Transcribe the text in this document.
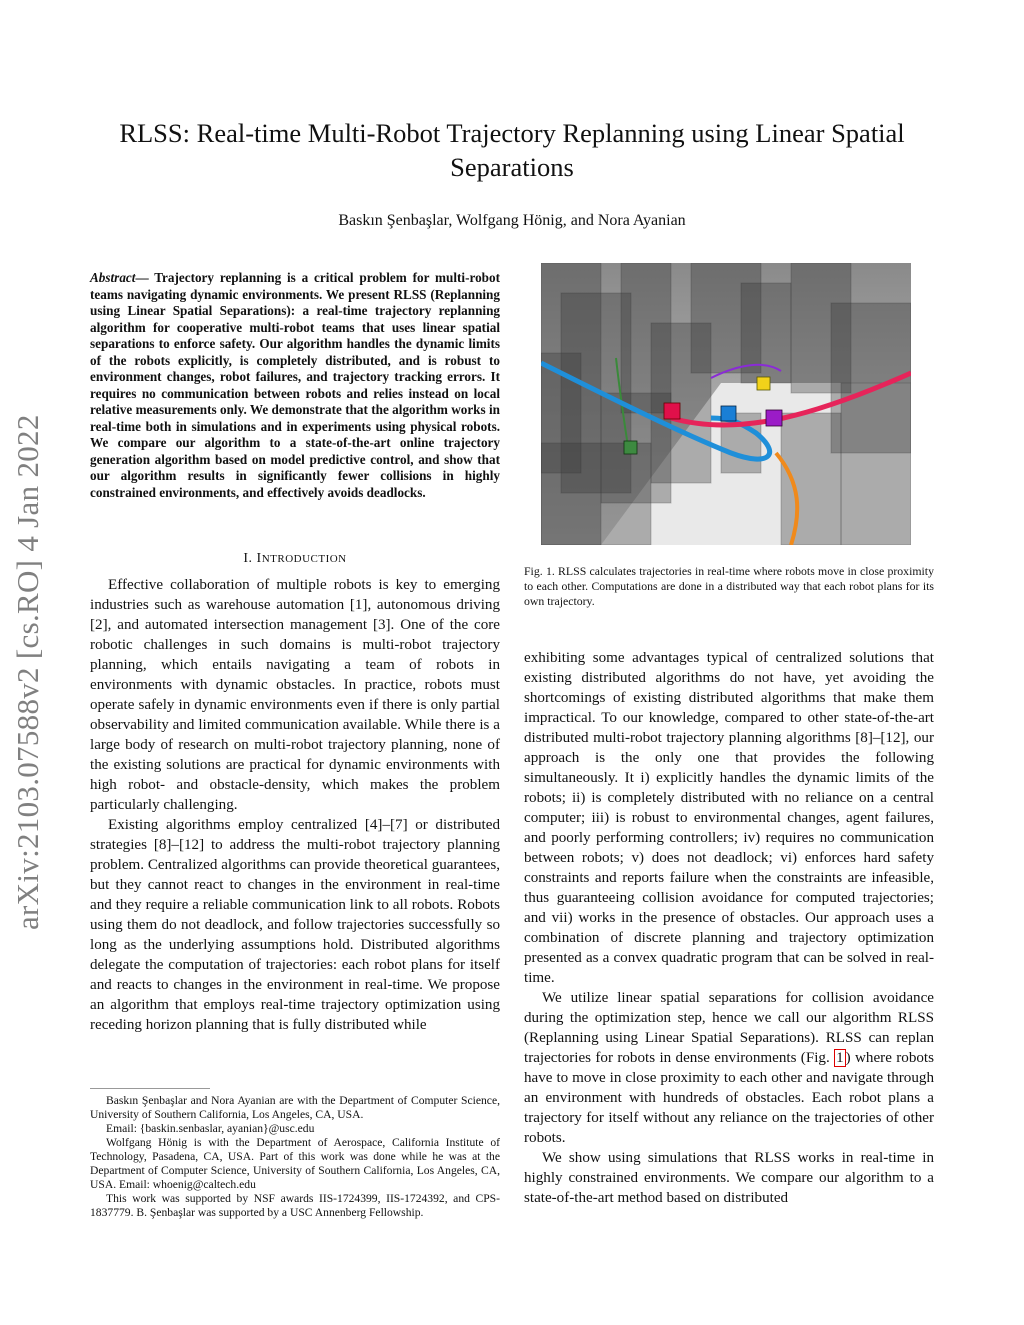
RLSS: Real-time Multi-Robot Trajectory Replanning using Linear Spatial
Separations
Baskın Şenbaşlar, Wolfgang Hönig, and Nora Ayanian
arXiv:2103.07588v2 [cs.RO] 4 Jan 2022
Abstract— Trajectory replanning is a critical problem for multi-robot teams navigating dynamic environments. We present RLSS (Replanning using Linear Spatial Separations): a real-time trajectory replanning algorithm for cooperative multi-robot teams that uses linear spatial separations to enforce safety. Our algorithm handles the dynamic limits of the robots explicitly, is completely distributed, and is robust to environment changes, robot failures, and trajectory tracking errors. It requires no communication between robots and relies instead on local relative measurements only. We demonstrate that the algorithm works in real-time both in simulations and in experiments using physical robots. We compare our algorithm to a state-of-the-art online trajectory generation algorithm based on model predictive control, and show that our algorithm results in significantly fewer collisions in highly constrained environments, and effectively avoids deadlocks.
I. INTRODUCTION

Effective collaboration of multiple robots is key to emerging industries such as warehouse automation [1], autonomous driving [2], and automated intersection management [3]. One of the core robotic challenges in such domains is multi-robot trajectory planning, which entails navigating a team of robots in environments with dynamic obstacles. In practice, robots must operate safely in dynamic environments even if there is only partial observability and limited communication available. While there is a large body of research on multi-robot trajectory planning, none of the existing solutions are practical for dynamic environments with high robot- and obstacle-density, which makes the problem particularly challenging.

Existing algorithms employ centralized [4]–[7] or distributed strategies [8]–[12] to address the multi-robot trajectory planning problem. Centralized algorithms can provide theoretical guarantees, but they cannot react to changes in the environment in real-time and they require a reliable communication link to all robots. Robots using them do not deadlock, and follow trajectories successfully so long as the underlying assumptions hold. Distributed algorithms delegate the computation of trajectories: each robot plans for itself and reacts to changes in the environment in real-time. We propose an algorithm that employs real-time trajectory optimization using receding horizon planning that is fully distributed while

Baskın Şenbaşlar and Nora Ayanian are with the Department of Computer Science, University of Southern California, Los Angeles, CA, USA.

Email: {baskin.senbaslar, ayanian}@usc.edu

Wolfgang Hönig is with the Department of Aerospace, California Institute of Technology, Pasadena, CA, USA. Part of this work was done while he was at the Department of Computer Science, University of Southern California, Los Angeles, CA, USA. Email: whoenig@caltech.edu

This work was supported by NSF awards IIS-1724399, IIS-1724392, and CPS-1837779. B. Şenbaşlar was supported by a USC Annenberg Fellowship.

Fig. 1. RLSS calculates trajectories in real-time where robots move in close proximity to each other. Computations are done in a distributed way that each robot plans for its own trajectory.

exhibiting some advantages typical of centralized solutions that existing distributed algorithms do not have, yet avoiding the shortcomings of existing distributed algorithms that make them impractical. To our knowledge, compared to other state-of-the-art distributed multi-robot trajectory planning algorithms [8]–[12], our approach is the only one that provides the following simultaneously. It i) explicitly handles the dynamic limits of the robots; ii) is completely distributed with no reliance on a central computer; iii) is robust to environmental changes, agent failures, and poorly performing controllers; iv) requires no communication between robots; v) does not deadlock; vi) enforces hard safety constraints and reports failure when the constraints are infeasible, thus guaranteeing collision avoidance for computed trajectories; and vii) works in the presence of obstacles. Our approach uses a combination of discrete planning and trajectory optimization presented as a convex quadratic program that can be solved in real-time.

We utilize linear spatial separations for collision avoidance during the optimization step, hence we call our algorithm RLSS (Replanning using Linear Spatial Separations). RLSS can replan trajectories for robots in dense environments (Fig. 1 ) where robots have to move in close proximity to each other and navigate through an environment with hundreds of obstacles. Each robot plans a trajectory for itself without any reliance on the trajectories of other robots.

We show using simulations that RLSS works in real-time in highly constrained environments. We compare our algorithm to a state-of-the-art method based on distributed
